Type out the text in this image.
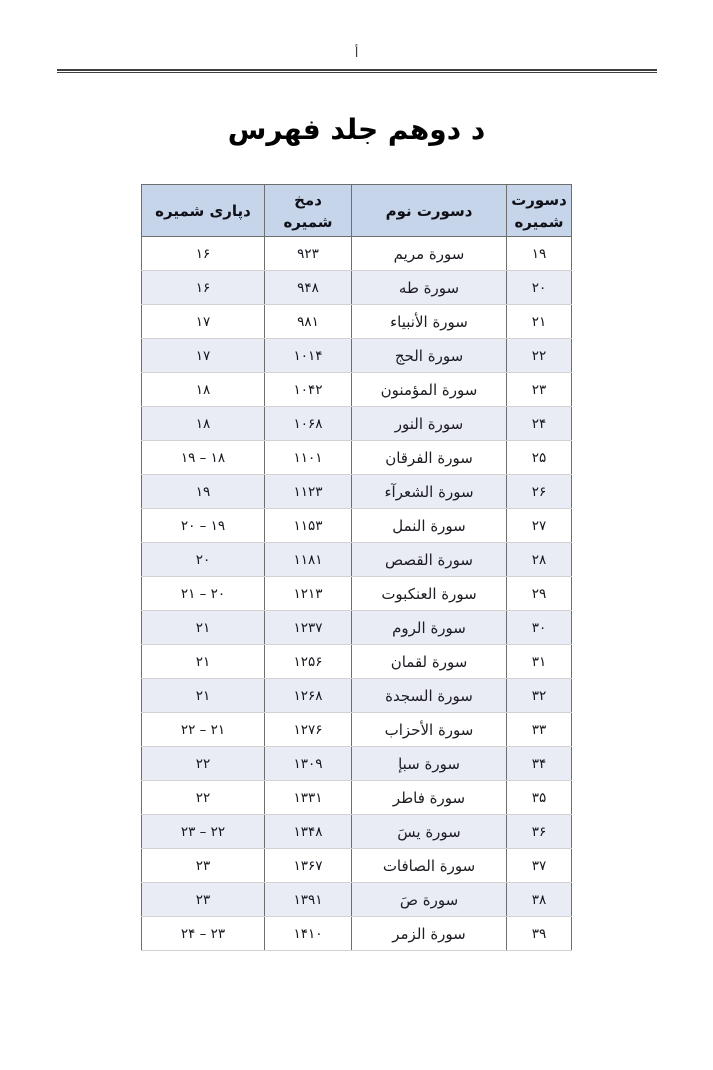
أ
د دوهم جلد فهرس
دسورت شميره	دسورت نوم	دمخ شميره	دپارى شميره
۱۹	سورة مريم	۹۲۳	۱۶
۲۰	سورة طه	۹۴۸	۱۶
۲۱	سورة الأنبياء	۹۸۱	۱۷
۲۲	سورة الحج	۱۰۱۴	۱۷
۲۳	سورة المؤمنون	۱۰۴۲	۱۸
۲۴	سورة النور	۱۰۶۸	۱۸
۲۵	سورة الفرقان	۱۱۰۱	۱۸ – ۱۹
۲۶	سورة الشعرآء	۱۱۲۳	۱۹
۲۷	سورة النمل	۱۱۵۳	۱۹ – ۲۰
۲۸	سورة القصص	۱۱۸۱	۲۰
۲۹	سورة العنكبوت	۱۲۱۳	۲۰ – ۲۱
۳۰	سورة الروم	۱۲۳۷	۲۱
۳۱	سورة لقمان	۱۲۵۶	۲۱
۳۲	سورة السجدة	۱۲۶۸	۲۱
۳۳	سورة الأحزاب	۱۲۷۶	۲۱ – ۲۲
۳۴	سورة سبإ	۱۳۰۹	۲۲
۳۵	سورة فاطر	۱۳۳۱	۲۲
۳۶	سورة يسَ	۱۳۴۸	۲۲ – ۲۳
۳۷	سورة الصافات	۱۳۶۷	۲۳
۳۸	سورة صَ	۱۳۹۱	۲۳
۳۹	سورة الزمر	۱۴۱۰	۲۳ – ۲۴
